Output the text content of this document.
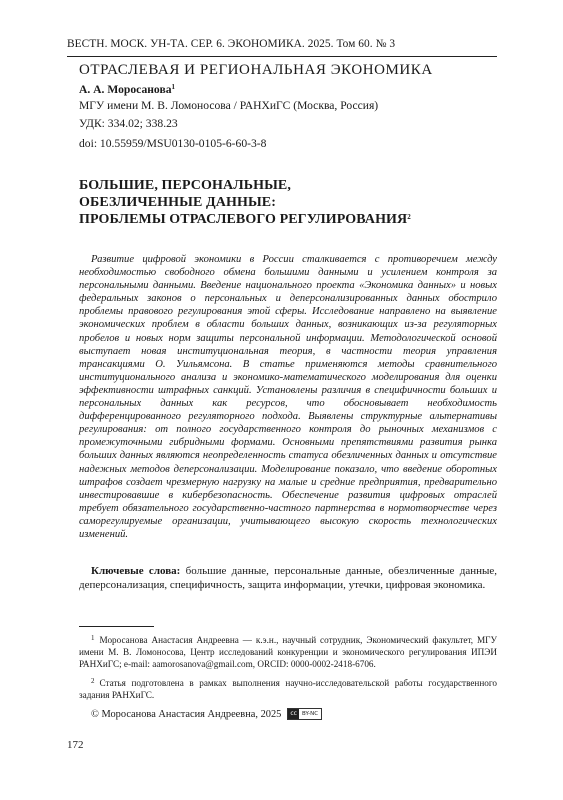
ВЕСТН. МОСК. УН-ТА. СЕР. 6. ЭКОНОМИКА. 2025. Том 60. № 3
ОТРАСЛЕВАЯ И РЕГИОНАЛЬНАЯ ЭКОНОМИКА
А. А. Моросанова$^1$
МГУ имени М. В. Ломоносова / РАНХиГС (Москва, Россия)
УДК: 334.02; 338.23
doi: 10.55959/MSU0130-0105-6-60-3-8
БОЛЬШИЕ, ПЕРСОНАЛЬНЫЕ,
ОБЕЗЛИЧЕННЫЕ ДАННЫЕ:
ПРОБЛЕМЫ ОТРАСЛЕВОГО РЕГУЛИРОВАНИЯ$^2$
Развитие цифровой экономики в России сталкивается с противоречием между необходимостью свободного обмена большими данными и усилением контроля за персональными данными. Введение национального проекта «Экономика данных» и новых федеральных законов о персональных и деперсонализированных данных обострило проблемы правового регулирования этой сферы. Исследование направлено на выявление экономических проблем в области больших данных, возникающих из-за регуляторных пробелов и новых норм защиты персональной информации. Методологической основой выступает новая институциональная теория, в частности теория управления трансакциями О. Уильямсона. В статье применяются методы сравнительного институционального анализа и экономико-математического моделирования для оценки эффективности штрафных санкций. Установлены различия в специфичности больших и персональных данных как ресурсов, что обосновывает необходимость дифференцированного регуляторного подхода. Выявлены структурные альтернативы регулирования: от полного государственного контроля до рыночных механизмов с промежуточными гибридными формами. Основными препятствиями развития рынка больших данных являются неопределенность статуса обезличенных данных и отсутствие надежных методов деперсонализации. Моделирование показало, что введение оборотных штрафов создает чрезмерную нагрузку на малые и средние предприятия, предварительно инвестировавшие в кибербезопасность. Обеспечение развития цифровых отраслей требует обязательного государственно-частного партнерства в нормотворчестве через саморегулируемые организации, учитывающего высокую скорость технологических изменений.
Ключевые слова: большие данные, персональные данные, обезличенные данные, деперсонализация, специфичность, защита информации, утечки, цифровая экономика.

$^1$ Моросанова Анастасия Андреевна — к.э.н., научный сотрудник, Экономический факультет, МГУ имени М. В. Ломоносова, Центр исследований конкуренции и экономического регулирования ИПЭИ РАНХиГС; e-mail: aamorosanova@gmail.com, ORCID: 0000-0002-2418-6706.

$^2$ Статья подготовлена в рамках выполнения научно-исследовательской работы государственного задания РАНХиГС.

© Моросанова Анастасия Андреевна, 2025	cc BY-NC
172
